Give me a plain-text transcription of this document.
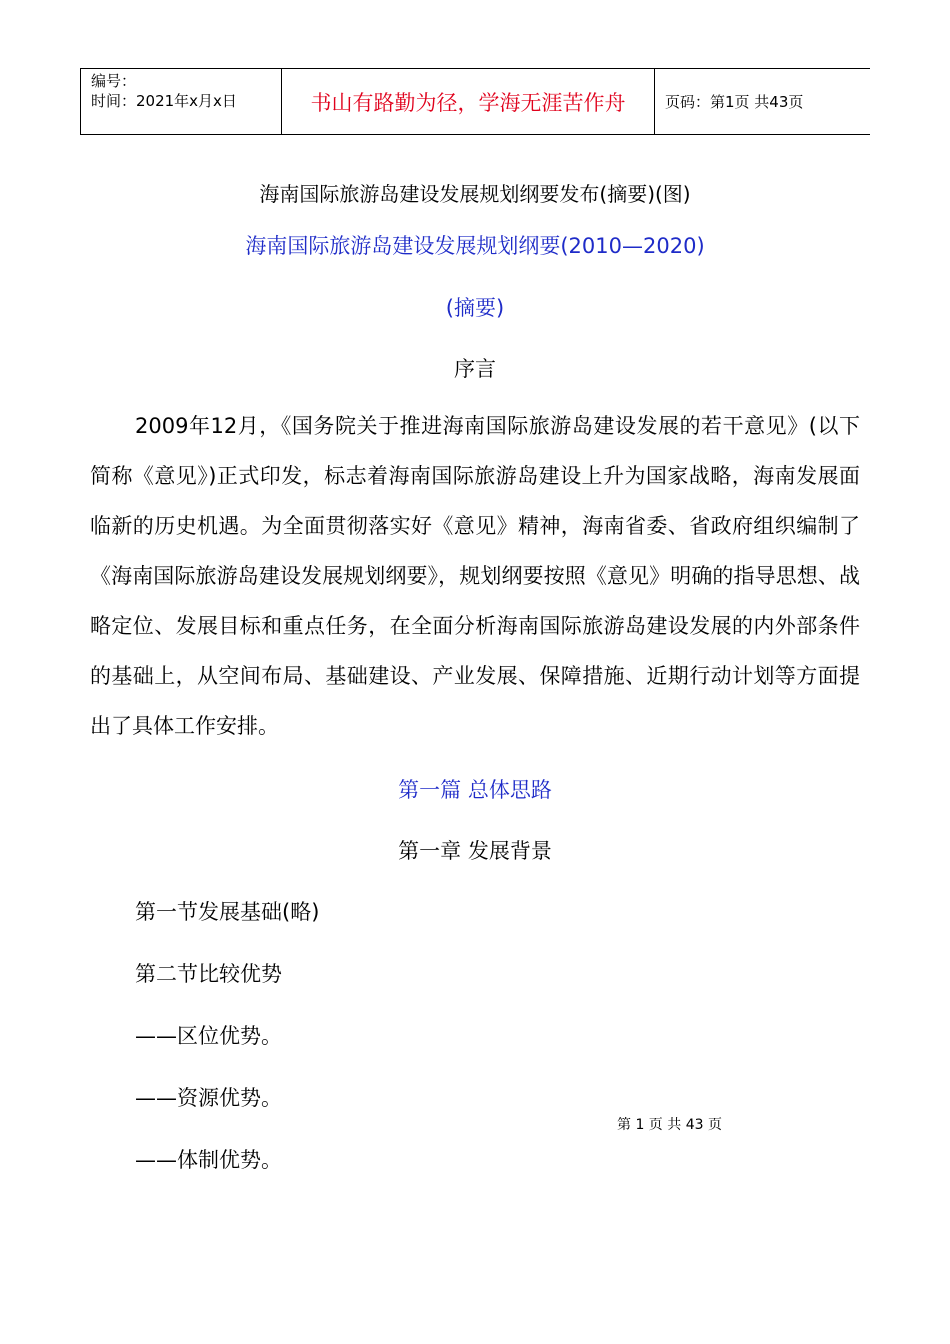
编号：
时间：2021年x月x日	书山有路勤为径，学海无涯苦作舟	页码：第1页 共43页
海南国际旅游岛建设发展规划纲要发布(摘要)(图)
海南国际旅游岛建设发展规划纲要(2010—2020)
(摘要)
序言
2009年12月，《国务院关于推进海南国际旅游岛建设发展的若干意见》(以下简称《意见》)正式印发，标志着海南国际旅游岛建设上升为国家战略，海南发展面临新的历史机遇。为全面贯彻落实好《意见》精神，海南省委、省政府组织编制了《海南国际旅游岛建设发展规划纲要》，规划纲要按照《意见》明确的指导思想、战略定位、发展目标和重点任务，在全面分析海南国际旅游岛建设发展的内外部条件的基础上，从空间布局、基础建设、产业发展、保障措施、近期行动计划等方面提出了具体工作安排。
第一篇 总体思路
第一章 发展背景
第一节发展基础(略)
第二节比较优势
——区位优势。
——资源优势。
——体制优势。
第 1 页 共 43 页
